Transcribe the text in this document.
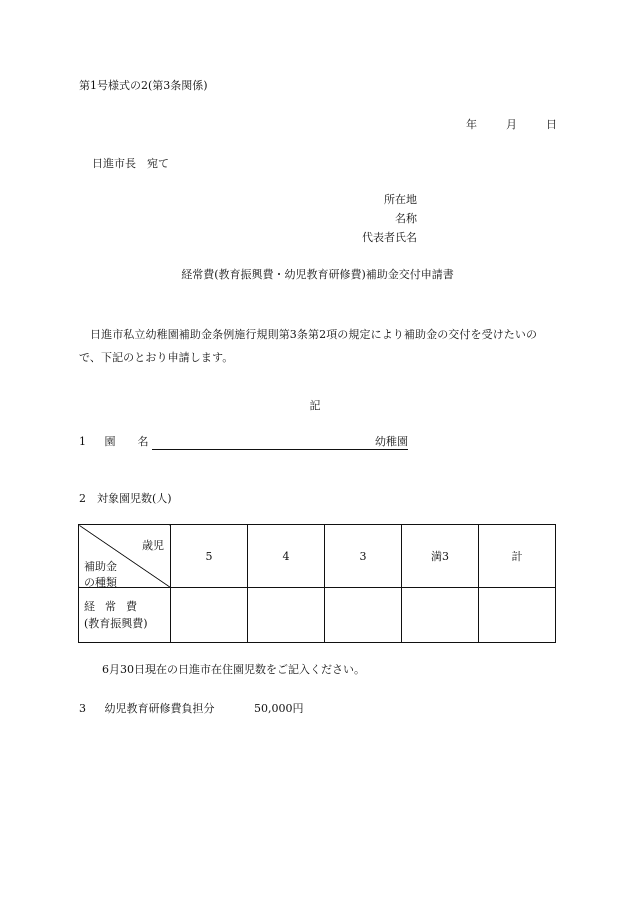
第1号様式の2(第3条関係)
年	月	日
日進市長　宛て
所在地
名称
代表者氏名
経常費(教育振興費・幼児教育研修費)補助金交付申請書
日進市私立幼稚園補助金条例施行規則第3条第2項の規定により補助金の交付を受けたいので、下記のとおり申請します。
記
1 園　　名	幼稚園
2　対象園児数(人)
歳児
補助金
の種類	5	4	3	満3	計
経常費
(教育振興費)					
6月30日現在の日進市在住園児数をご記入ください。
3 幼児教育研修費負担分	50,000円
